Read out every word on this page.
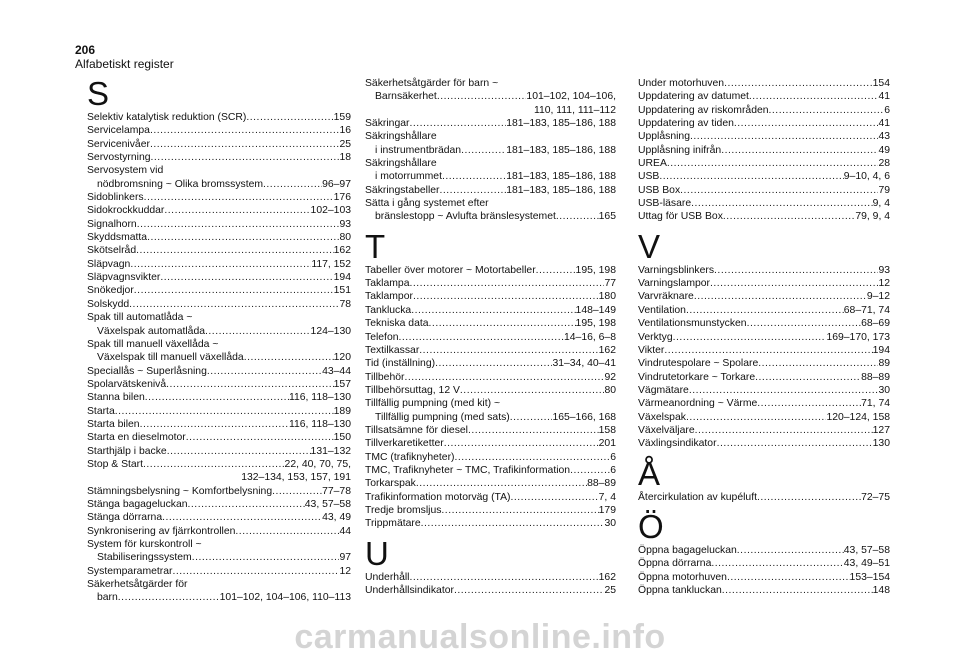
206
Alfabetiskt register
S
Selektiv katalytisk reduktion (SCR) .....	159
Servicelampa .....	16
Servicenivåer .....	25
Servostyrning .....	18
Servosystem vid
nödbromsning ~ Olika bromssystem .....	96–97
Sidoblinkers .....	176
Sidokrockkuddar .....	102–103
Signalhorn .....	93
Skyddsmatta .....	80
Skötselråd .....	162
Släpvagn .....	117, 152
Släpvagnsvikter .....	194
Snökedjor .....	151
Solskydd .....	78
Spak till automatlåda ~
Växelspak automatlåda .....	124–130
Spak till manuell växellåda ~
Växelspak till manuell växellåda .....	120
Speciallås ~ Superlåsning .....	43–44
Spolarvätskenivå .....	157
Stanna bilen .....	116, 118–130
Starta .....	189
Starta bilen .....	116, 118–130
Starta en dieselmotor .....	150
Starthjälp i backe .....	131–132
Stop & Start .....	22, 40, 70, 75,
132–134, 153, 157, 191
Stämningsbelysning ~ Komfortbelysning .....	77–78
Stänga bagageluckan .....	43, 57–58
Stänga dörrarna .....	43, 49
Synkronisering av fjärrkontrollen .....	44
System för kurskontroll ~
Stabiliseringssystem .....	97
Systemparametrar .....	12
Säkerhetsåtgärder för
barn .....	101–102, 104–106, 110–113
Säkerhetsåtgärder för barn ~
Barnsäkerhet .....	101–102, 104–106,
110, 111, 111–112
Säkringar .....	181–183, 185–186, 188
Säkringshållare
i instrumentbrädan .....	181–183, 185–186, 188
Säkringshållare
i motorrummet .....	181–183, 185–186, 188
Säkringstabeller .....	181–183, 185–186, 188
Sätta i gång systemet efter
bränslestopp ~ Avlufta bränslesystemet .....	165
T
Tabeller över motorer ~ Motortabeller .....	195, 198
Taklampa .....	77
Taklampor .....	180
Tanklucka .....	148–149
Tekniska data .....	195, 198
Telefon .....	14–16, 6–8
Textilkassar .....	162
Tid (inställning) .....	31–34, 40–41
Tillbehör .....	92
Tillbehörsuttag, 12 V .....	80
Tillfällig pumpning (med kit) ~
Tillfällig pumpning (med sats) .....	165–166, 168
Tillsatsämne för diesel .....	158
Tillverkaretiketter .....	201
TMC (trafiknyheter) .....	6
TMC, Trafiknyheter ~ TMC, Trafikinformation .....	6
Torkarspak .....	88–89
Trafikinformation motorväg (TA) .....	7, 4
Tredje bromsljus .....	179
Trippmätare .....	30
U
Underhåll .....	162
Underhållsindikator .....	25
Under motorhuven .....	154
Uppdatering av datumet .....	41
Uppdatering av riskområden .....	6
Uppdatering av tiden .....	41
Upplåsning .....	43
Upplåsning inifrån .....	49
UREA .....	28
USB .....	9–10, 4, 6
USB Box .....	79
USB-läsare .....	9, 4
Uttag för USB Box .....	79, 9, 4
V
Varningsblinkers .....	93
Varningslampor .....	12
Varvräknare .....	9–12
Ventilation .....	68–71, 74
Ventilationsmunstycken .....	68–69
Verktyg .....	169–170, 173
Vikter .....	194
Vindrutespolare ~ Spolare .....	89
Vindrutetorkare ~ Torkare .....	88–89
Vägmätare .....	30
Värmeanordning ~ Värme .....	71, 74
Växelspak .....	120–124, 158
Växelväljare .....	127
Växlingsindikator .....	130
Å
Återcirkulation av kupéluft .....	72–75
Ö
Öppna bagageluckan .....	43, 57–58
Öppna dörrarna .....	43, 49–51
Öppna motorhuven .....	153–154
Öppna tankluckan .....	148
carmanualsonline.info
